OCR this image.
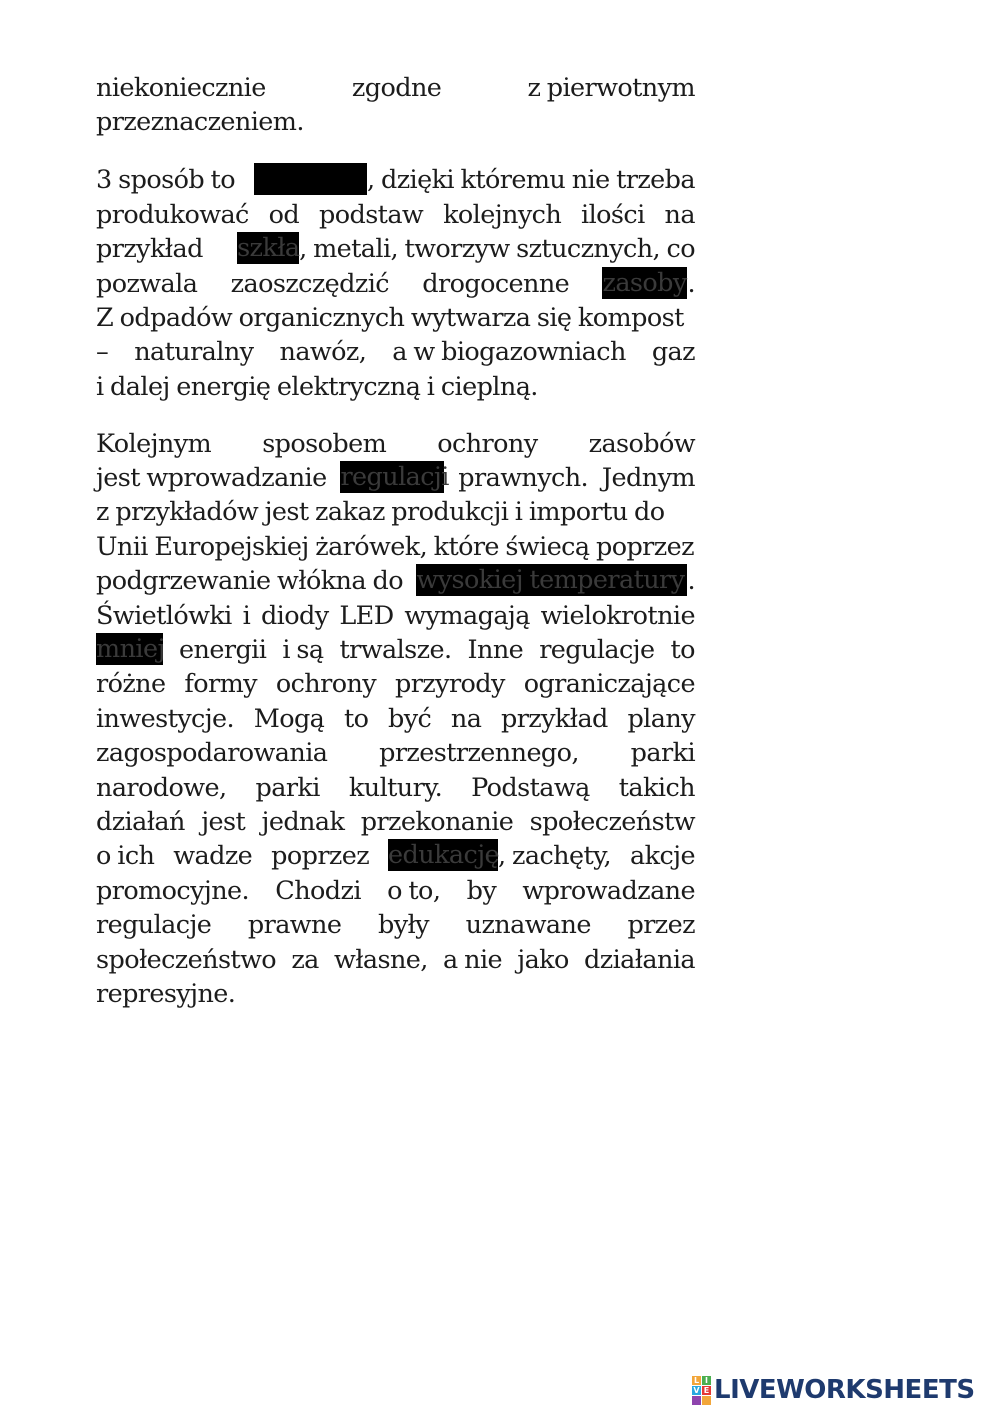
niekoniecznie	zgodne	z pierwotnym
przeznaczeniem.
3 sposób to	, dzięki któremu nie trzeba
produkować od podstaw kolejnych ilości na
przykład szkła, metali, tworzyw sztucznych, co
pozwala zaoszczędzić drogocenne zasoby.
Z odpadów organicznych wytwarza się kompost
– naturalny nawóz, a w biogazowniach gaz
i dalej energię elektryczną i cieplną.
Kolejnym sposobem ochrony zasobów
jest wprowadzanie regulacji prawnych. Jednym
z przykładów jest zakaz produkcji i importu do
Unii Europejskiej żarówek, które świecą poprzez
podgrzewanie włókna do wysokiej temperatury .
Świetlówki i diody LED wymagają wielokrotnie
mniej energii i są trwalsze. Inne regulacje to
różne formy ochrony przyrody ograniczające
inwestycje. Mogą to być na przykład plany
zagospodarowania przestrzennego, parki
narodowe, parki kultury. Podstawą takich
działań jest jednak przekonanie społeczeństw
o ich wadze poprzez edukację, zachęty, akcje
promocyjne. Chodzi o to, by wprowadzane
regulacje prawne były uznawane przez
społeczeństwo za własne, a nie jako działania
represyjne.
L I
V E LIVEWORKSHEETS
